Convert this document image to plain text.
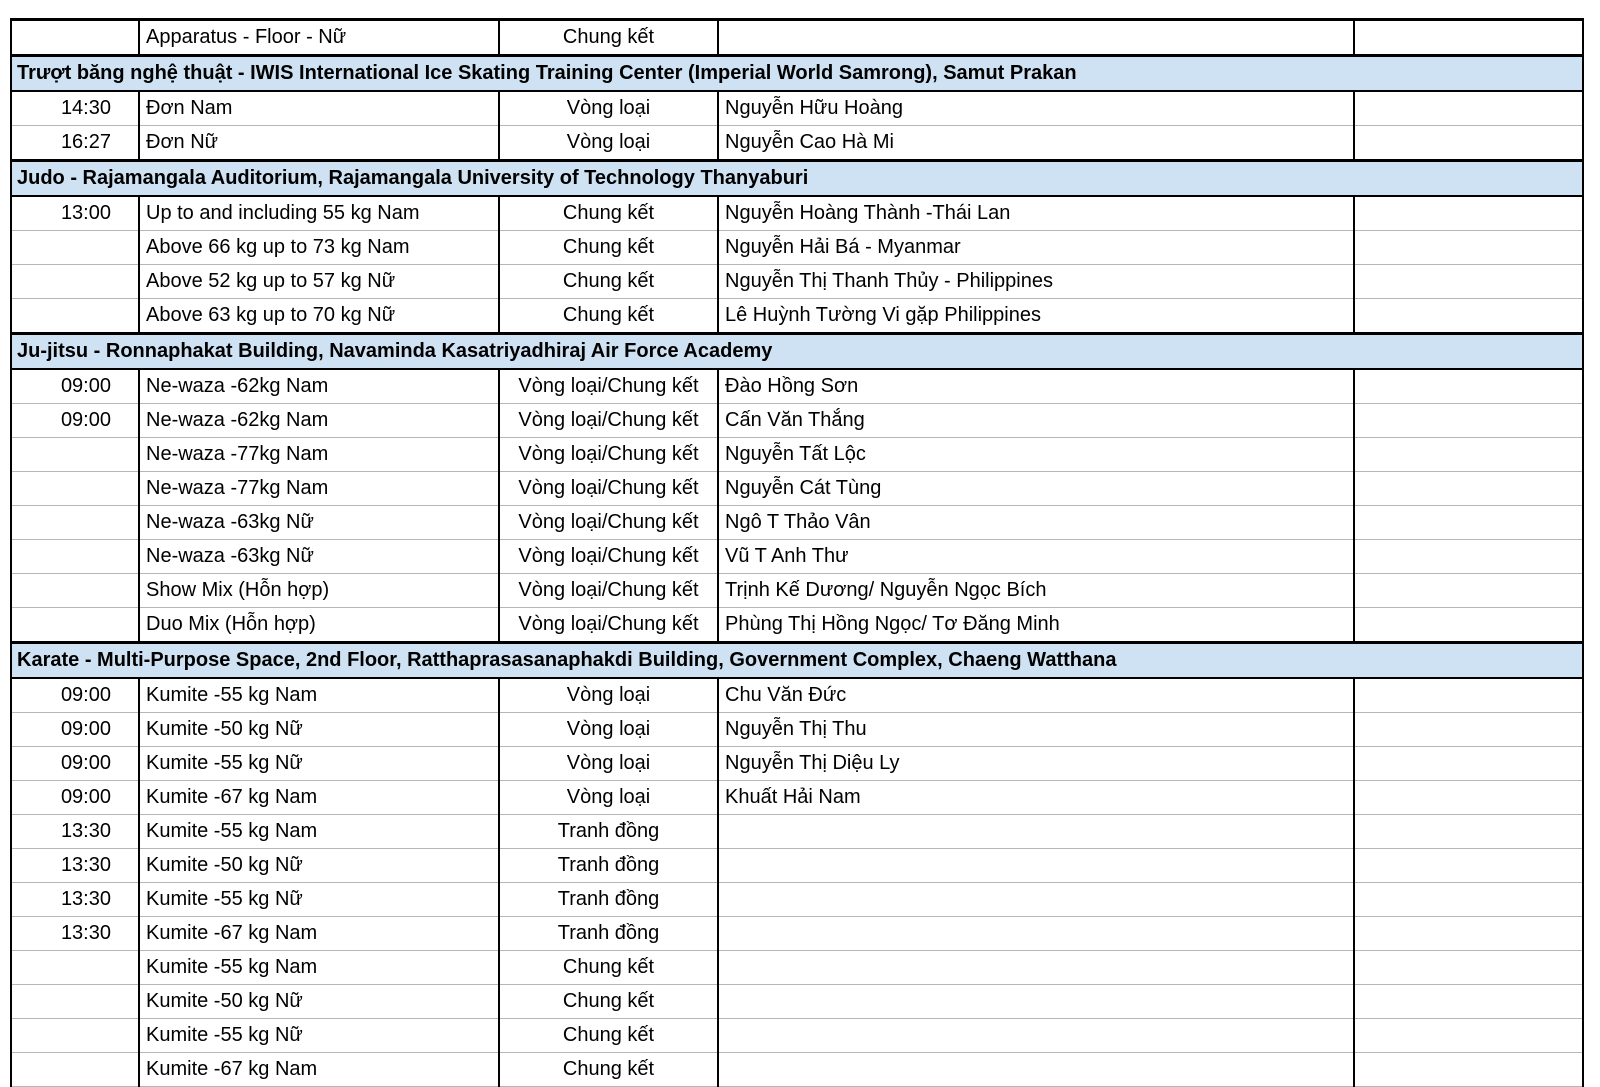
	Apparatus - Floor - Nữ	Chung kết		
Trượt băng nghệ thuật - IWIS International Ice Skating Training Center (Imperial World Samrong), Samut Prakan				
14:30	Đơn Nam	Vòng loại	Nguyễn Hữu Hoàng	
16:27	Đơn Nữ	Vòng loại	Nguyễn Cao Hà Mi	
Judo - Rajamangala Auditorium, Rajamangala University of Technology Thanyaburi				
13:00	Up to and including 55 kg Nam	Chung kết	Nguyễn Hoàng Thành -Thái Lan	
	Above 66 kg up to 73 kg Nam	Chung kết	Nguyễn Hải Bá - Myanmar	
	Above 52 kg up to 57 kg Nữ	Chung kết	Nguyễn Thị Thanh Thủy - Philippines	
	Above 63 kg up to 70 kg Nữ	Chung kết	Lê Huỳnh Tường Vi gặp Philippines	
Ju-jitsu - Ronnaphakat Building, Navaminda Kasatriyadhiraj Air Force Academy				
09:00	Ne-waza -62kg Nam	Vòng loại/Chung kết	Đào Hồng Sơn	
09:00	Ne-waza -62kg Nam	Vòng loại/Chung kết	Cấn Văn Thắng	
	Ne-waza -77kg Nam	Vòng loại/Chung kết	Nguyễn Tất Lộc	
	Ne-waza -77kg Nam	Vòng loại/Chung kết	Nguyễn Cát Tùng	
	Ne-waza -63kg Nữ	Vòng loại/Chung kết	Ngô T Thảo Vân	
	Ne-waza -63kg Nữ	Vòng loại/Chung kết	Vũ T Anh Thư	
	Show Mix (Hỗn hợp)	Vòng loại/Chung kết	Trịnh Kế Dương/ Nguyễn Ngọc Bích	
	Duo Mix (Hỗn hợp)	Vòng loại/Chung kết	Phùng Thị Hồng Ngọc/ Tơ Đăng Minh	
Karate - Multi-Purpose Space, 2nd Floor, Ratthaprasasanaphakdi Building, Government Complex, Chaeng Watthana				
09:00	Kumite -55 kg Nam	Vòng loại	Chu Văn Đức	
09:00	Kumite -50 kg Nữ	Vòng loại	Nguyễn Thị Thu	
09:00	Kumite -55 kg Nữ	Vòng loại	Nguyễn Thị Diệu Ly	
09:00	Kumite -67 kg Nam	Vòng loại	Khuất Hải Nam	
13:30	Kumite -55 kg Nam	Tranh đồng		
13:30	Kumite -50 kg Nữ	Tranh đồng		
13:30	Kumite -55 kg Nữ	Tranh đồng		
13:30	Kumite -67 kg Nam	Tranh đồng		
	Kumite -55 kg Nam	Chung kết		
	Kumite -50 kg Nữ	Chung kết		
	Kumite -55 kg Nữ	Chung kết		
	Kumite -67 kg Nam	Chung kết		
